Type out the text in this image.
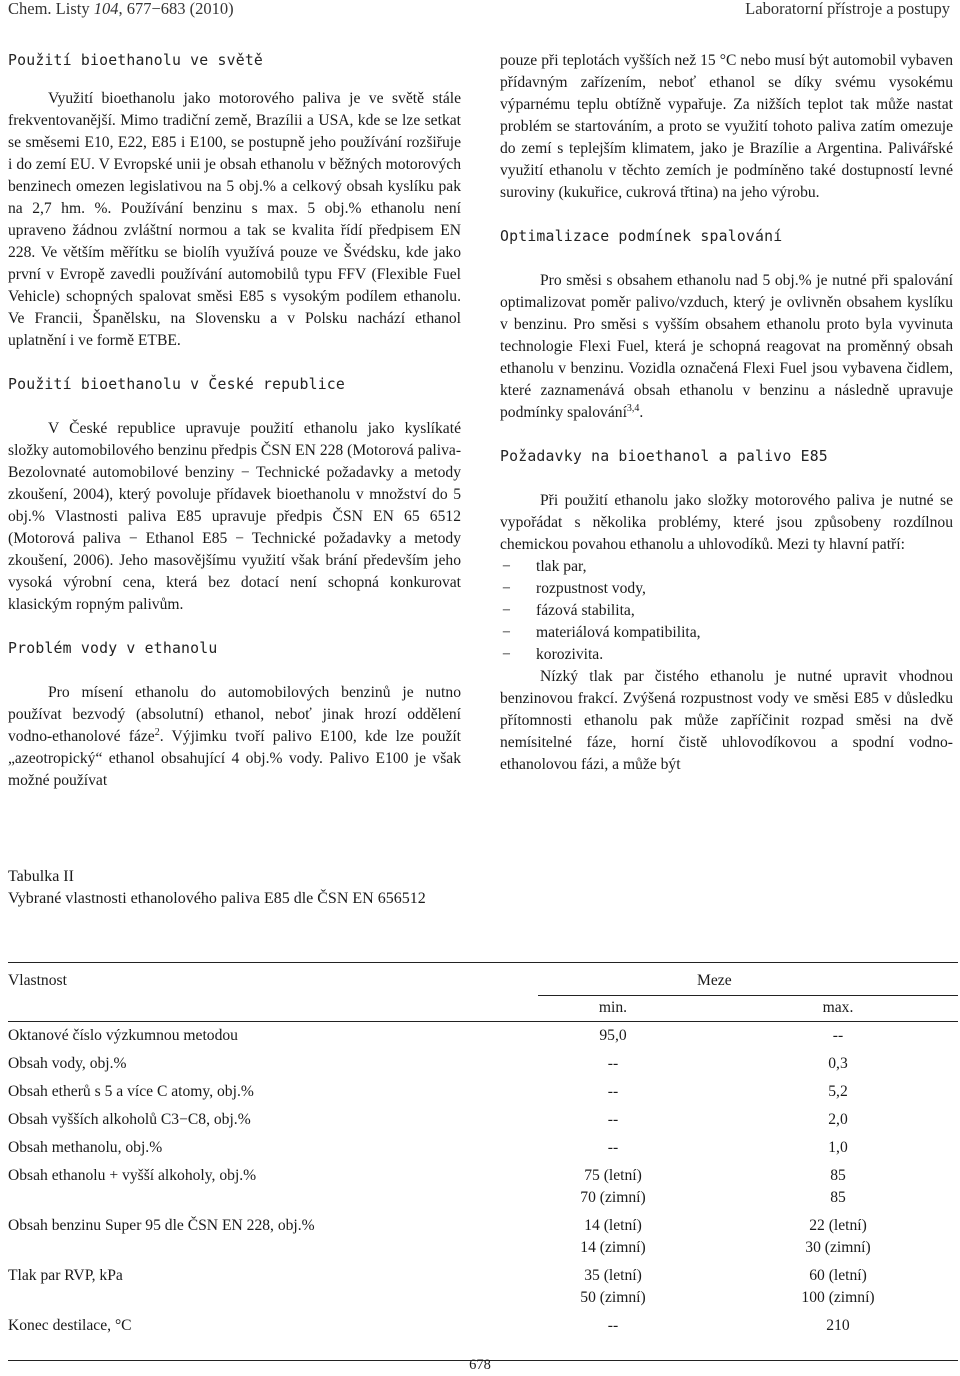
Chem. Listy 104, 677−683 (2010)	Laboratorní přístroje a postupy
Použití bioethanolu ve světě

Využití bioethanolu jako motorového paliva je ve světě stále frekventovanější. Mimo tradiční země, Brazílii a USA, kde se lze setkat se směsemi E10, E22, E85 i E100, se postupně jeho používání rozšiřuje i do zemí EU. V Evropské unii je obsah ethanolu v běžných motorových benzinech omezen legislativou na 5 obj.% a celkový obsah kyslíku pak na 2,7 hm. %. Používání benzinu s max. 5 obj.% ethanolu není upraveno žádnou zvláštní normou a tak se kvalita řídí předpisem EN 228. Ve větším měřítku se biolíh využívá pouze ve Švédsku, kde jako první v Evropě zavedli používání automobilů typu FFV (Flexible Fuel Vehicle) schopných spalovat směsi E85 s vysokým podílem ethanolu. Ve Francii, Španělsku, na Slovensku a v Polsku nachází ethanol uplatnění i ve formě ETBE.

Použití bioethanolu v České republice

V České republice upravuje použití ethanolu jako kyslíkaté složky automobilového benzinu předpis ČSN EN 228 (Motorová paliva-Bezolovnaté automobilové benziny − Technické požadavky a metody zkoušení, 2004), který povoluje přídavek bioethanolu v množství do 5 obj.% Vlastnosti paliva E85 upravuje předpis ČSN EN 65 6512 (Motorová paliva − Ethanol E85 − Technické požadavky a metody zkoušení, 2006). Jeho masovějšímu využití však brání především jeho vysoká výrobní cena, která bez dotací není schopná konkurovat klasickým ropným palivům.

Problém vody v ethanolu

Pro mísení ethanolu do automobilových benzinů je nutno používat bezvodý (absolutní) ethanol, neboť jinak hrozí oddělení vodno-ethanolové fáze$^2$. Výjimku tvoří palivo E100, kde lze použít „azeotropický“ ethanol obsahující 4 obj.% vody. Palivo E100 je však možné používat

pouze při teplotách vyšších než 15 °C nebo musí být automobil vybaven přídavným zařízením, neboť ethanol se díky svému vysokému výparnému teplu obtížně vypařuje. Za nižších teplot tak může nastat problém se startováním, a proto se využití tohoto paliva zatím omezuje do zemí s teplejším klimatem, jako je Brazílie a Argentina. Palivářské využití ethanolu v těchto zemích je podmíněno také dostupností levné suroviny (kukuřice, cukrová třtina) na jeho výrobu.

Optimalizace podmínek spalování

Pro směsi s obsahem ethanolu nad 5 obj.% je nutné při spalování optimalizovat poměr palivo/vzduch, který je ovlivněn obsahem kyslíku v benzinu. Pro směsi s vyšším obsahem ethanolu proto byla vyvinuta technologie Flexi Fuel, která je schopná reagovat na proměnný obsah ethanolu v benzinu. Vozidla označená Flexi Fuel jsou vybavena čidlem, které zaznamenává obsah ethanolu v benzinu a následně upravuje podmínky spalování$^{3,4}$.

Požadavky na bioethanol a palivo E85

Při použití ethanolu jako složky motorového paliva je nutné se vypořádat s několika problémy, které jsou způsobeny rozdílnou chemickou povahou ethanolu a uhlovodíků. Mezi ty hlavní patří:

− tlak par,
− rozpustnost vody,
− fázová stabilita,
− materiálová kompatibilita,
− korozivita.

Nízký tlak par čistého ethanolu je nutné upravit vhodnou benzinovou frakcí. Zvýšená rozpustnost vody ve směsi E85 v důsledku přítomnosti ethanolu pak může zapříčinit rozpad směsi na dvě nemísitelné fáze, horní čistě uhlovodíkovou a spodní vodno-ethanolovou fázi, a může být

Tabulka II
Vybrané vlastnosti ethanolového paliva E85 dle ČSN EN 656512
Vlastnost	Meze
min.	max.
Oktanové číslo výzkumnou metodou	95,0	--
Obsah vody, obj.%	--	0,3
Obsah etherů s 5 a více C atomy, obj.%	--	5,2
Obsah vyšších alkoholů C3−C8, obj.%	--	2,0
Obsah methanolu, obj.%	--	1,0
Obsah ethanolu + vyšší alkoholy, obj.%	75 (letní)	85
70 (zimní)	85
Obsah benzinu Super 95 dle ČSN EN 228, obj.%	14 (letní)	22 (letní)
14 (zimní)	30 (zimní)
Tlak par RVP, kPa	35 (letní)	60 (letní)
50 (zimní)	100 (zimní)
Konec destilace, °C	--	210
678
